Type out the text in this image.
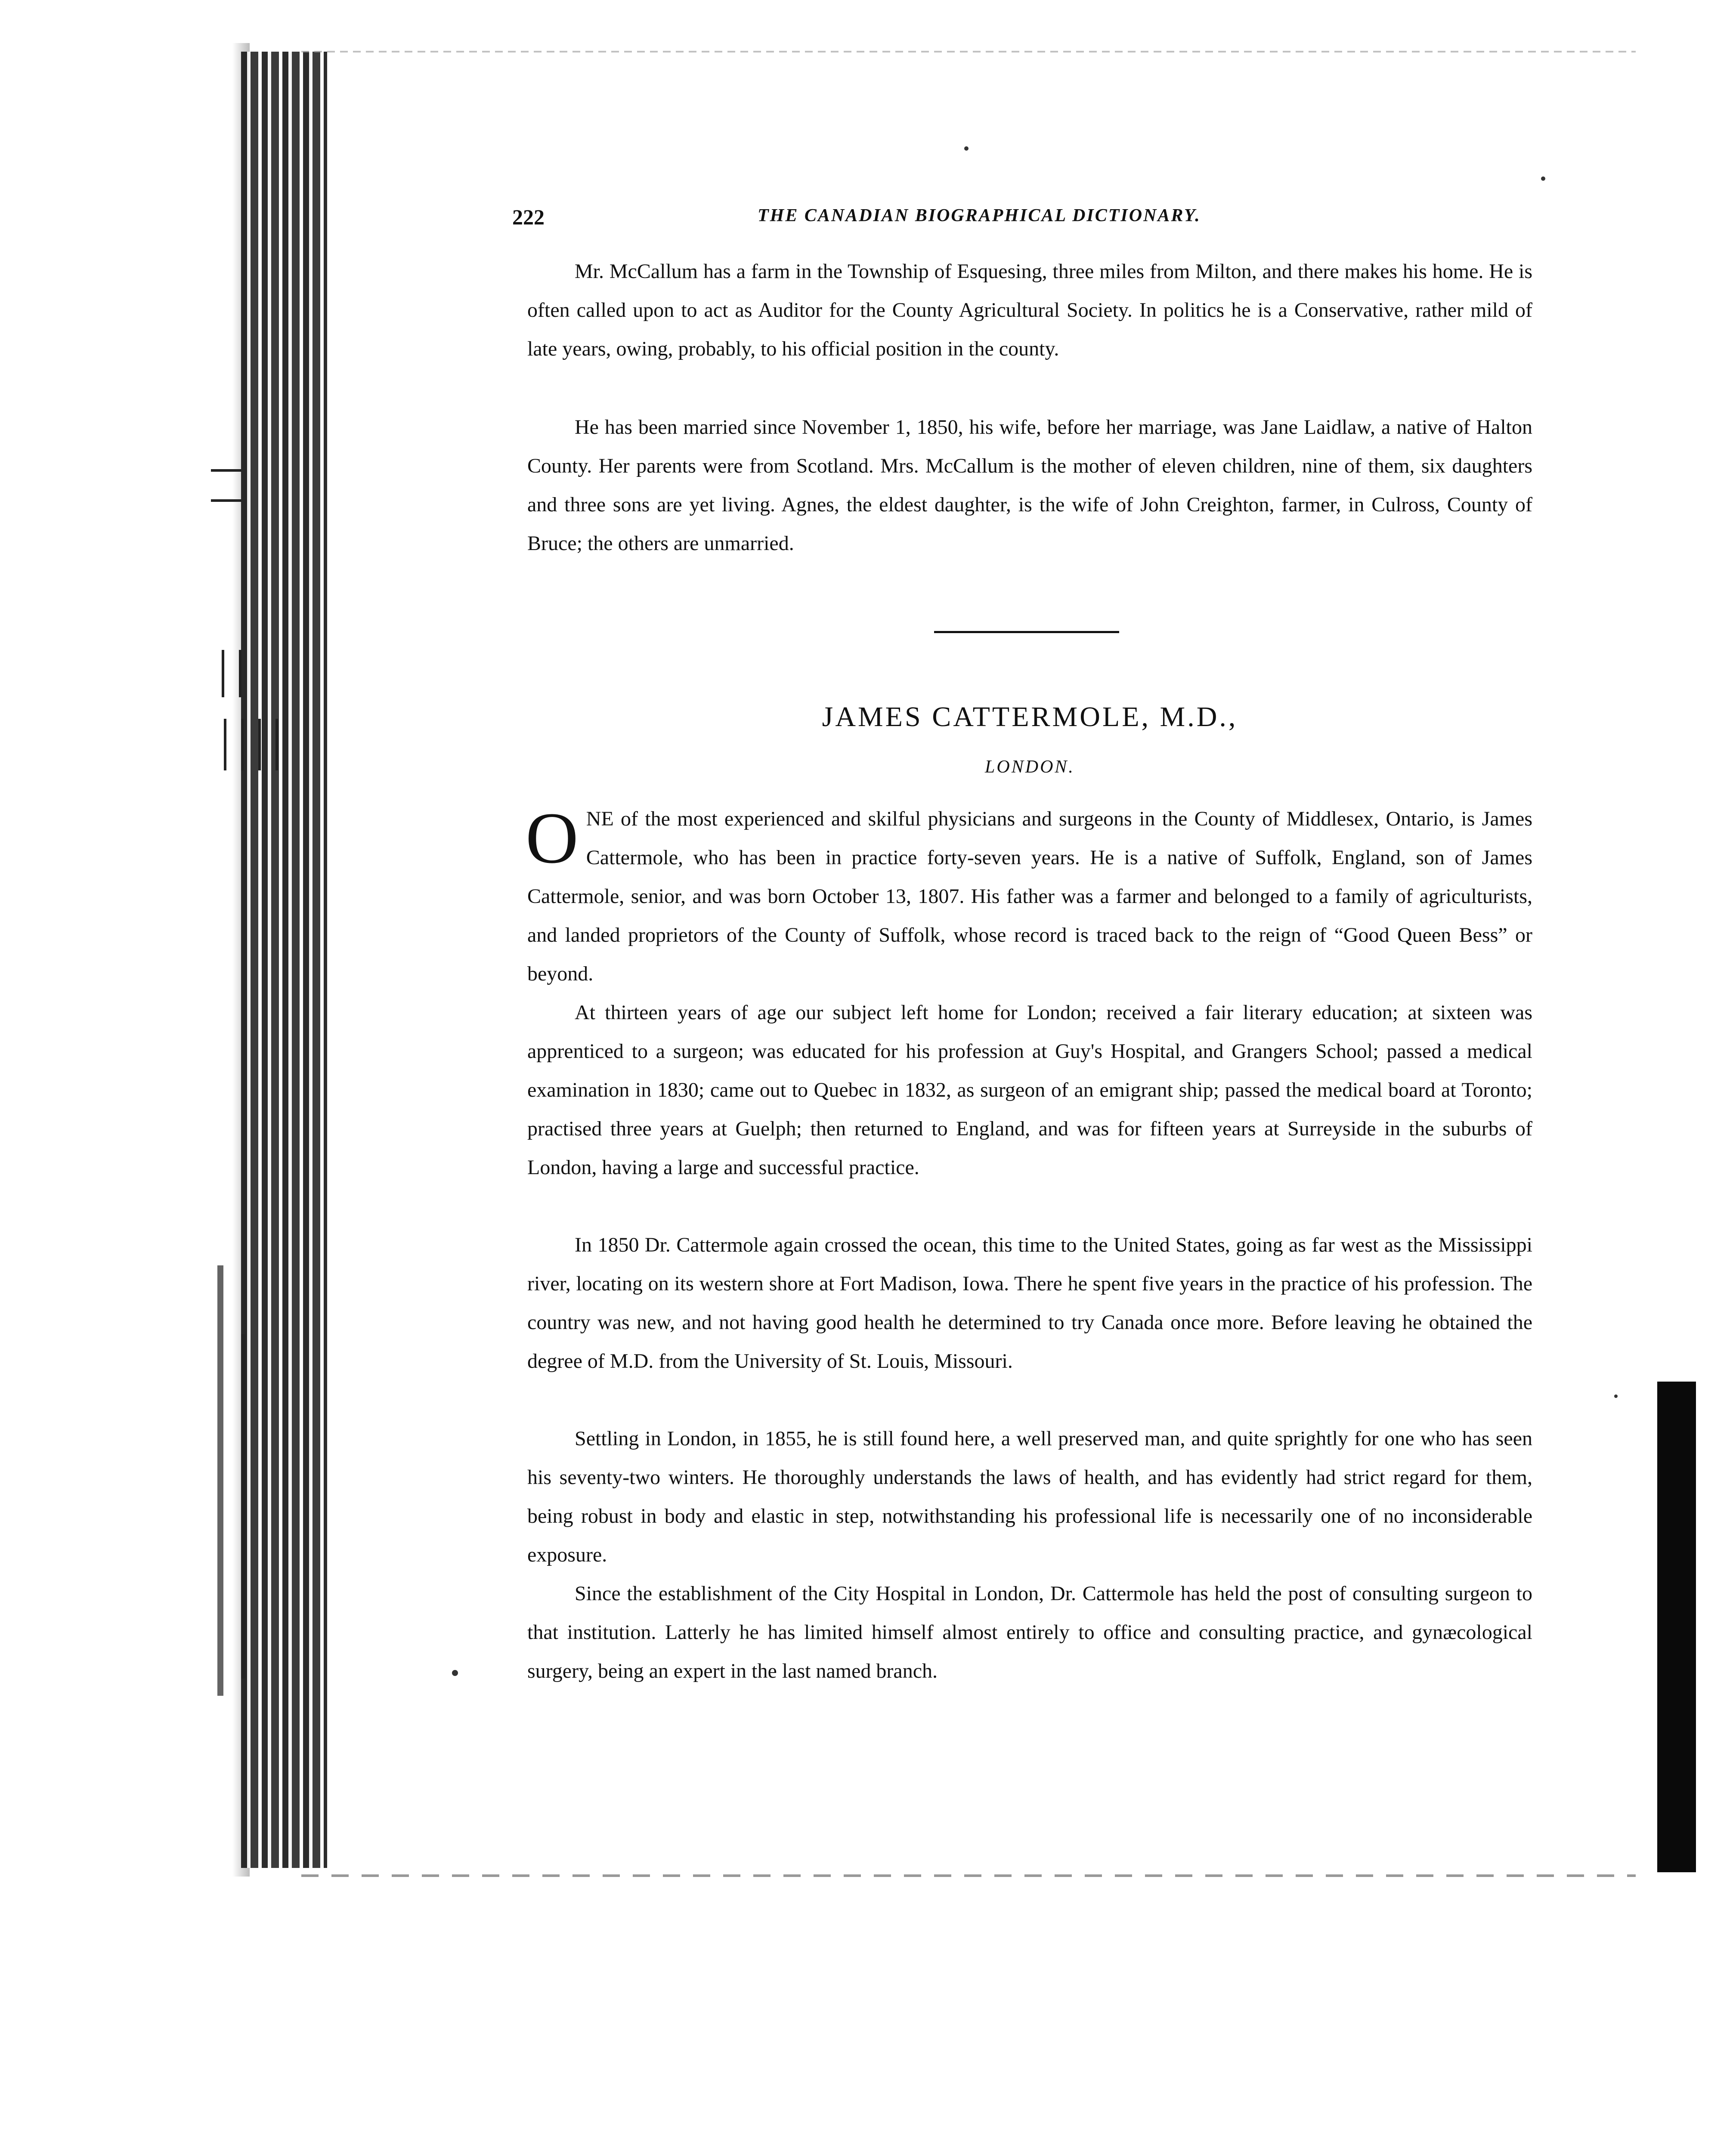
222	THE CANADIAN BIOGRAPHICAL DICTIONARY.

Mr. McCallum has a farm in the Township of Esquesing, three miles from Milton, and there makes his home. He is often called upon to act as Auditor for the County Agricultural Society. In politics he is a Conservative, rather mild of late years, owing, probably, to his official position in the county.

He has been married since November 1, 1850, his wife, before her marriage, was Jane Laidlaw, a native of Halton County. Her parents were from Scotland. Mrs. McCallum is the mother of eleven children, nine of them, six daughters and three sons are yet living. Agnes, the eldest daughter, is the wife of John Creighton, farmer, in Culross, County of Bruce; the others are unmarried.

JAMES CATTERMOLE, M.D.,
LONDON.

ONE of the most experienced and skilful physicians and surgeons in the County of Middlesex, Ontario, is James Cattermole, who has been in practice forty-seven years. He is a native of Suffolk, England, son of James Cattermole, senior, and was born October 13, 1807. His father was a farmer and belonged to a family of agriculturists, and landed proprietors of the County of Suffolk, whose record is traced back to the reign of “Good Queen Bess” or beyond.

At thirteen years of age our subject left home for London; received a fair literary education; at sixteen was apprenticed to a surgeon; was educated for his profession at Guy's Hospital, and Grangers School; passed a medical examination in 1830; came out to Quebec in 1832, as surgeon of an emigrant ship; passed the medical board at Toronto; practised three years at Guelph; then returned to England, and was for fifteen years at Surreyside in the suburbs of London, having a large and successful practice.

In 1850 Dr. Cattermole again crossed the ocean, this time to the United States, going as far west as the Mississippi river, locating on its western shore at Fort Madison, Iowa. There he spent five years in the practice of his profession. The country was new, and not having good health he determined to try Canada once more. Before leaving he obtained the degree of M.D. from the University of St. Louis, Missouri.

Settling in London, in 1855, he is still found here, a well preserved man, and quite sprightly for one who has seen his seventy-two winters. He thoroughly understands the laws of health, and has evidently had strict regard for them, being robust in body and elastic in step, notwithstanding his professional life is necessarily one of no inconsiderable exposure.

Since the establishment of the City Hospital in London, Dr. Cattermole has held the post of consulting surgeon to that institution. Latterly he has limited himself almost entirely to office and consulting practice, and gynæcological surgery, being an expert in the last named branch.
